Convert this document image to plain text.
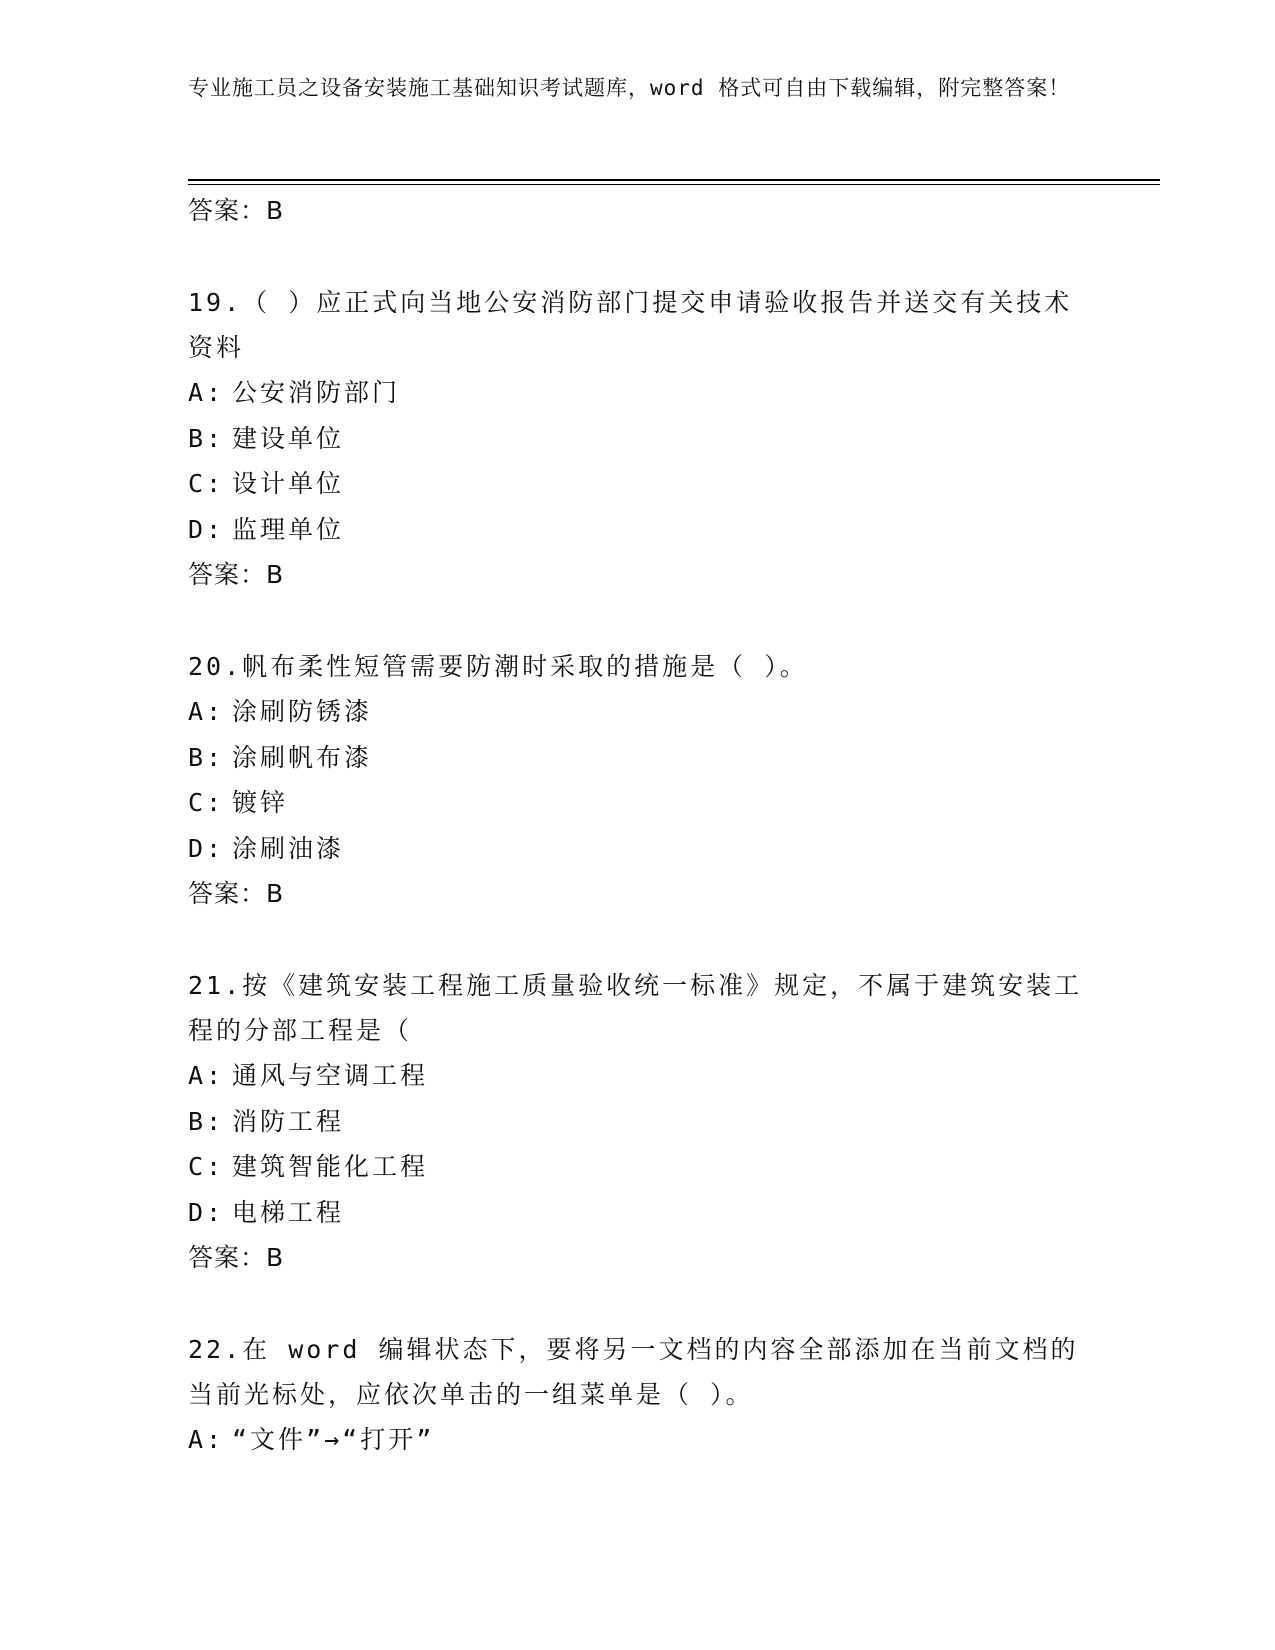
专业施工员之设备安装施工基础知识考试题库，word 格式可自由下载编辑，附完整答案！
答案：B
19.（ ）应正式向当地公安消防部门提交申请验收报告并送交有关技术资料
A: 公安消防部门
B: 建设单位
C: 设计单位
D: 监理单位
答案：B
20.帆布柔性短管需要防潮时采取的措施是（ ）。
A: 涂刷防锈漆
B: 涂刷帆布漆
C: 镀锌
D: 涂刷油漆
答案：B
21.按《建筑安装工程施工质量验收统一标准》规定，不属于建筑安装工程的分部工程是（
A: 通风与空调工程
B: 消防工程
C: 建筑智能化工程
D: 电梯工程
答案：B
22.在 word 编辑状态下，要将另一文档的内容全部添加在当前文档的当前光标处，应依次单击的一组菜单是（ ）。
A: “文件”→“打开”
